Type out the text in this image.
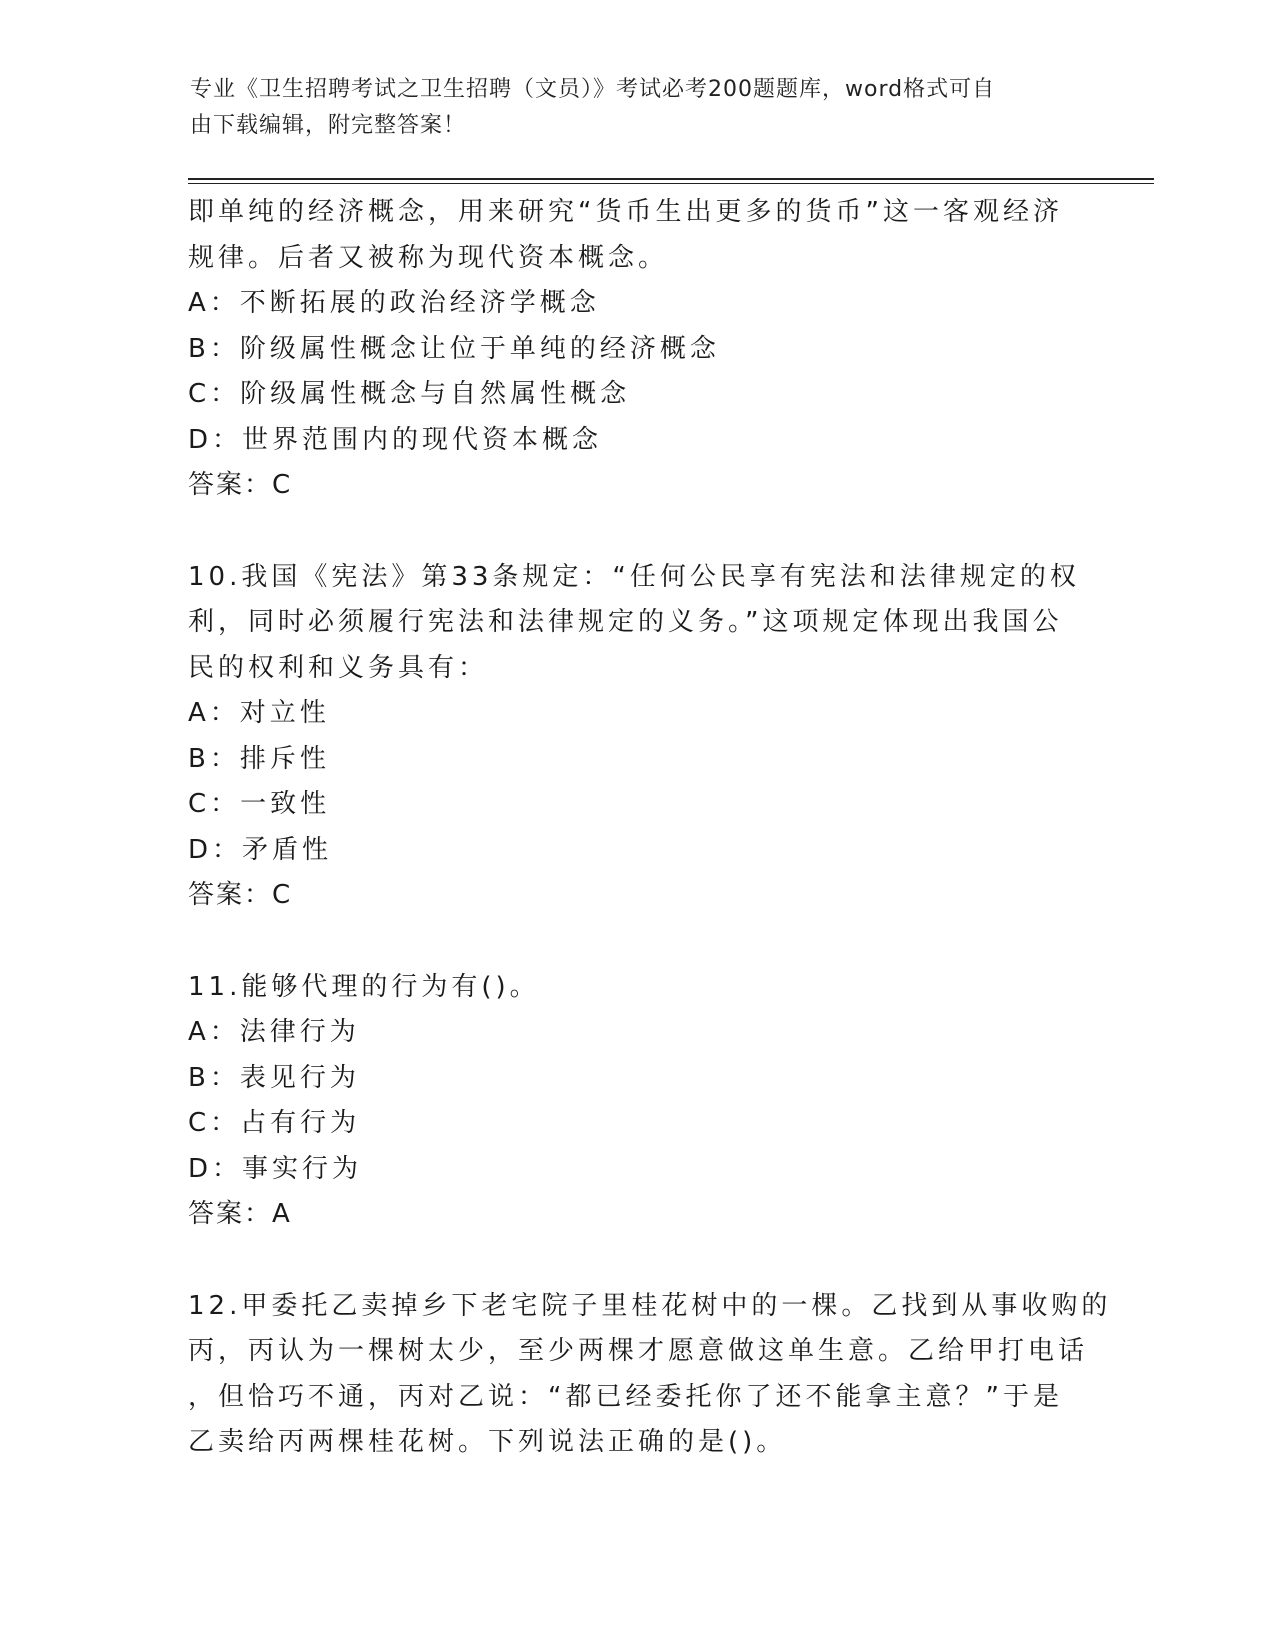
专业《卫生招聘考试之卫生招聘（文员）》考试必考200题题库，word格式可自
由下载编辑，附完整答案！
即单纯的经济概念，用来研究“货币生出更多的货币”这一客观经济
规律。后者又被称为现代资本概念。
A：不断拓展的政治经济学概念
B：阶级属性概念让位于单纯的经济概念
C：阶级属性概念与自然属性概念
D：世界范围内的现代资本概念
答案：C
10.我国《宪法》第33条规定：“任何公民享有宪法和法律规定的权
利，同时必须履行宪法和法律规定的义务。”这项规定体现出我国公
民的权利和义务具有：
A：对立性
B：排斥性
C：一致性
D：矛盾性
答案：C
11.能够代理的行为有()。
A：法律行为
B：表见行为
C：占有行为
D：事实行为
答案：A
12.甲委托乙卖掉乡下老宅院子里桂花树中的一棵。乙找到从事收购的
丙，丙认为一棵树太少，至少两棵才愿意做这单生意。乙给甲打电话
，但恰巧不通，丙对乙说：“都已经委托你了还不能拿主意？”于是
乙卖给丙两棵桂花树。下列说法正确的是()。
